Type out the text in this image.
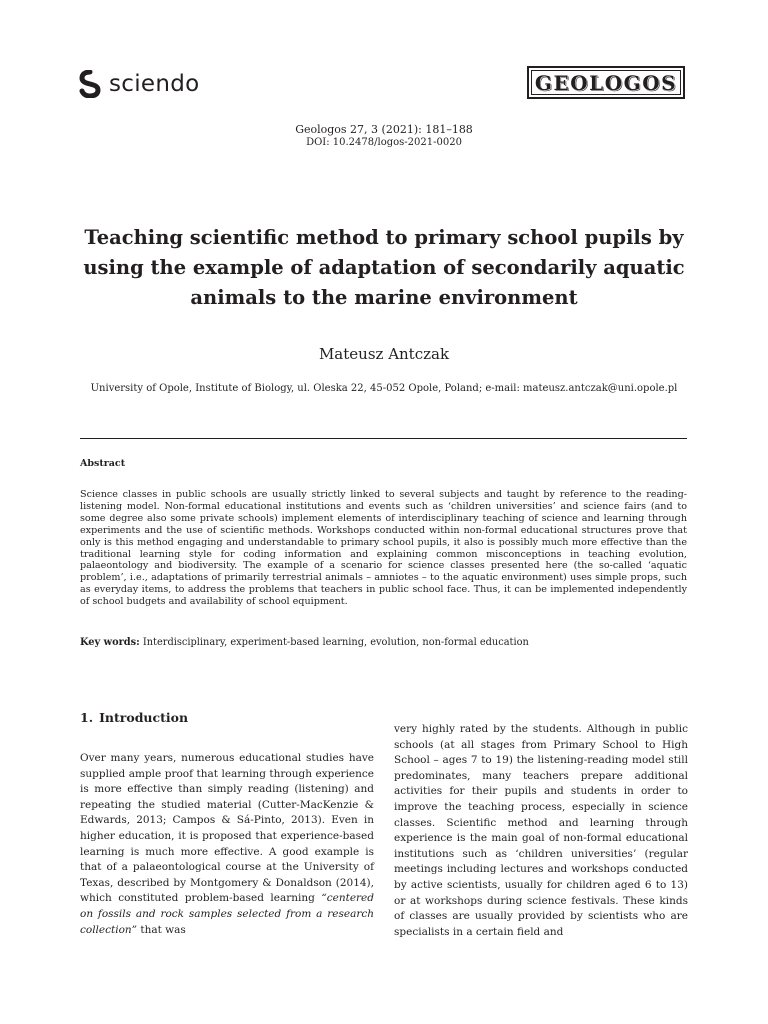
sciendo	GEOLOGOS
Geologos 27, 3 (2021): 181–188
DOI: 10.2478/logos-2021-0020
Teaching scientific method to primary school pupils by using the example of adaptation of secondarily aquatic animals to the marine environment
Mateusz Antczak
University of Opole, Institute of Biology, ul. Oleska 22, 45-052 Opole, Poland; e-mail: mateusz.antczak@uni.opole.pl
Abstract
Science classes in public schools are usually strictly linked to several subjects and taught by reference to the reading-listening model. Non-formal educational institutions and events such as ‘children universities’ and science fairs (and to some degree also some private schools) implement elements of interdisciplinary teaching of science and learning through experiments and the use of scientific methods. Workshops conducted within non-formal educational structures prove that only is this method engaging and understandable to primary school pupils, it also is possibly much more effective than the traditional learning style for coding information and explaining common misconceptions in teaching evolution, palaeontology and biodiversity. The example of a scenario for science classes presented here (the so-called ‘aquatic problem’, i.e., adaptations of primarily terrestrial animals – amniotes – to the aquatic environment) uses simple props, such as everyday items, to address the problems that teachers in public school face. Thus, it can be implemented independently of school budgets and availability of school equipment.
Key words: Interdisciplinary, experiment-based learning, evolution, non-formal education
1. Introduction
Over many years, numerous educational studies have supplied ample proof that learning through experience is more effective than simply reading (listening) and repeating the studied material (Cutter-MacKenzie & Edwards, 2013; Campos & Sá-Pinto, 2013). Even in higher education, it is proposed that experience-based learning is much more effective. A good example is that of a palaeontological course at the University of Texas, described by Montgomery & Donaldson (2014), which constituted problem-based learning “centered on fossils and rock samples selected from a research collection” that was
very highly rated by the students. Although in public schools (at all stages from Primary School to High School – ages 7 to 19) the listening-reading model still predominates, many teachers prepare additional activities for their pupils and students in order to improve the teaching process, especially in science classes. Scientific method and learning through experience is the main goal of non-formal educational institutions such as ‘children universities’ (regular meetings including lectures and workshops conducted by active scientists, usually for children aged 6 to 13) or at workshops during science festivals. These kinds of classes are usually provided by scientists who are specialists in a certain field and
